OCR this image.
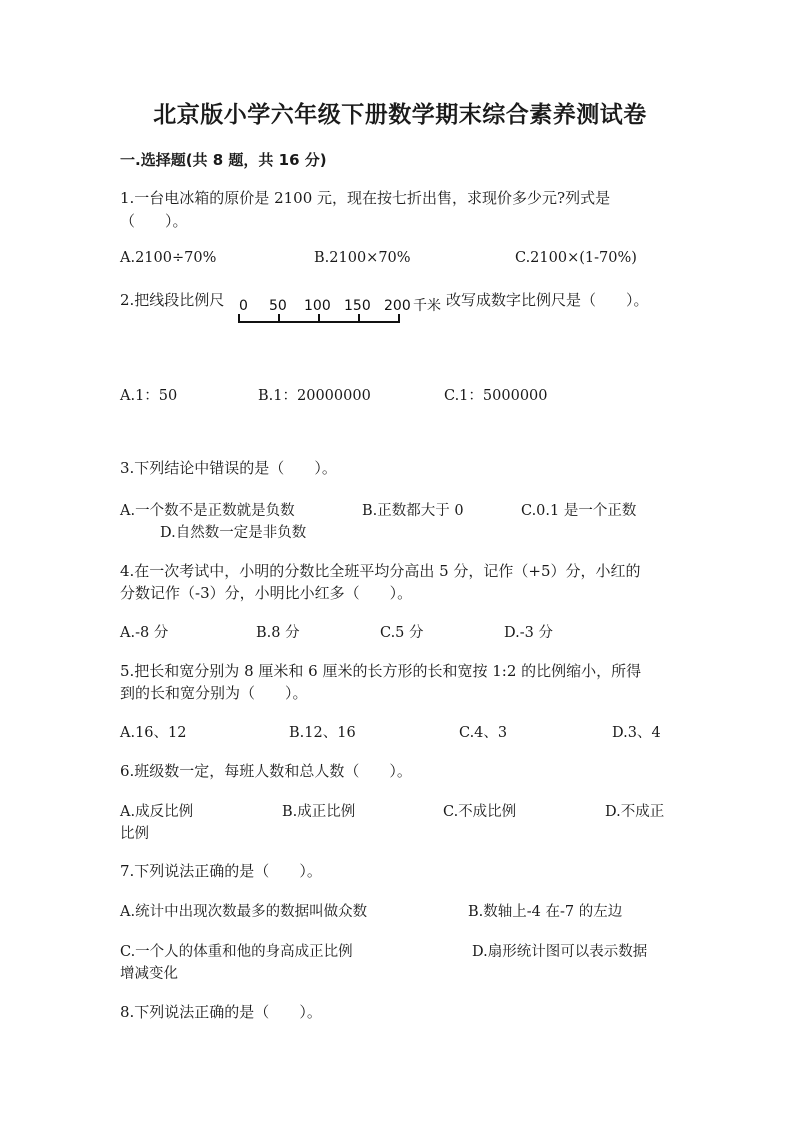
北京版小学六年级下册数学期末综合素养测试卷
一.选择题(共 8 题，共 16 分)
1.一台电冰箱的原价是 2100 元，现在按七折出售，求现价多少元?列式是
（　　）。
A.2100÷70%	B.2100×70%	C.2100×(1-70%)
2.把线段比例尺 0 50 100 150 200 千米 改写成数字比例尺是（　　）。
A.1：50	B.1：20000000	C.1：5000000
3.下列结论中错误的是（　　）。
A.一个数不是正数就是负数	B.正数都大于 0	C.0.1 是一个正数
D.自然数一定是非负数
4.在一次考试中，小明的分数比全班平均分高出 5 分，记作（+5）分，小红的
分数记作（-3）分，小明比小红多（　　）。
A.-8 分	B.8 分	C.5 分	D.-3 分
5.把长和宽分别为 8 厘米和 6 厘米的长方形的长和宽按 1:2 的比例缩小，所得
到的长和宽分别为（　　）。
A.16、12	B.12、16	C.4、3	D.3、4
6.班级数一定，每班人数和总人数（　　）。
A.成反比例	B.成正比例	C.不成比例	D.不成正
比例
7.下列说法正确的是（　　）。
A.统计中出现次数最多的数据叫做众数	B.数轴上-4 在-7 的左边
C.一个人的体重和他的身高成正比例	D.扇形统计图可以表示数据
增减变化
8.下列说法正确的是（　　）。
